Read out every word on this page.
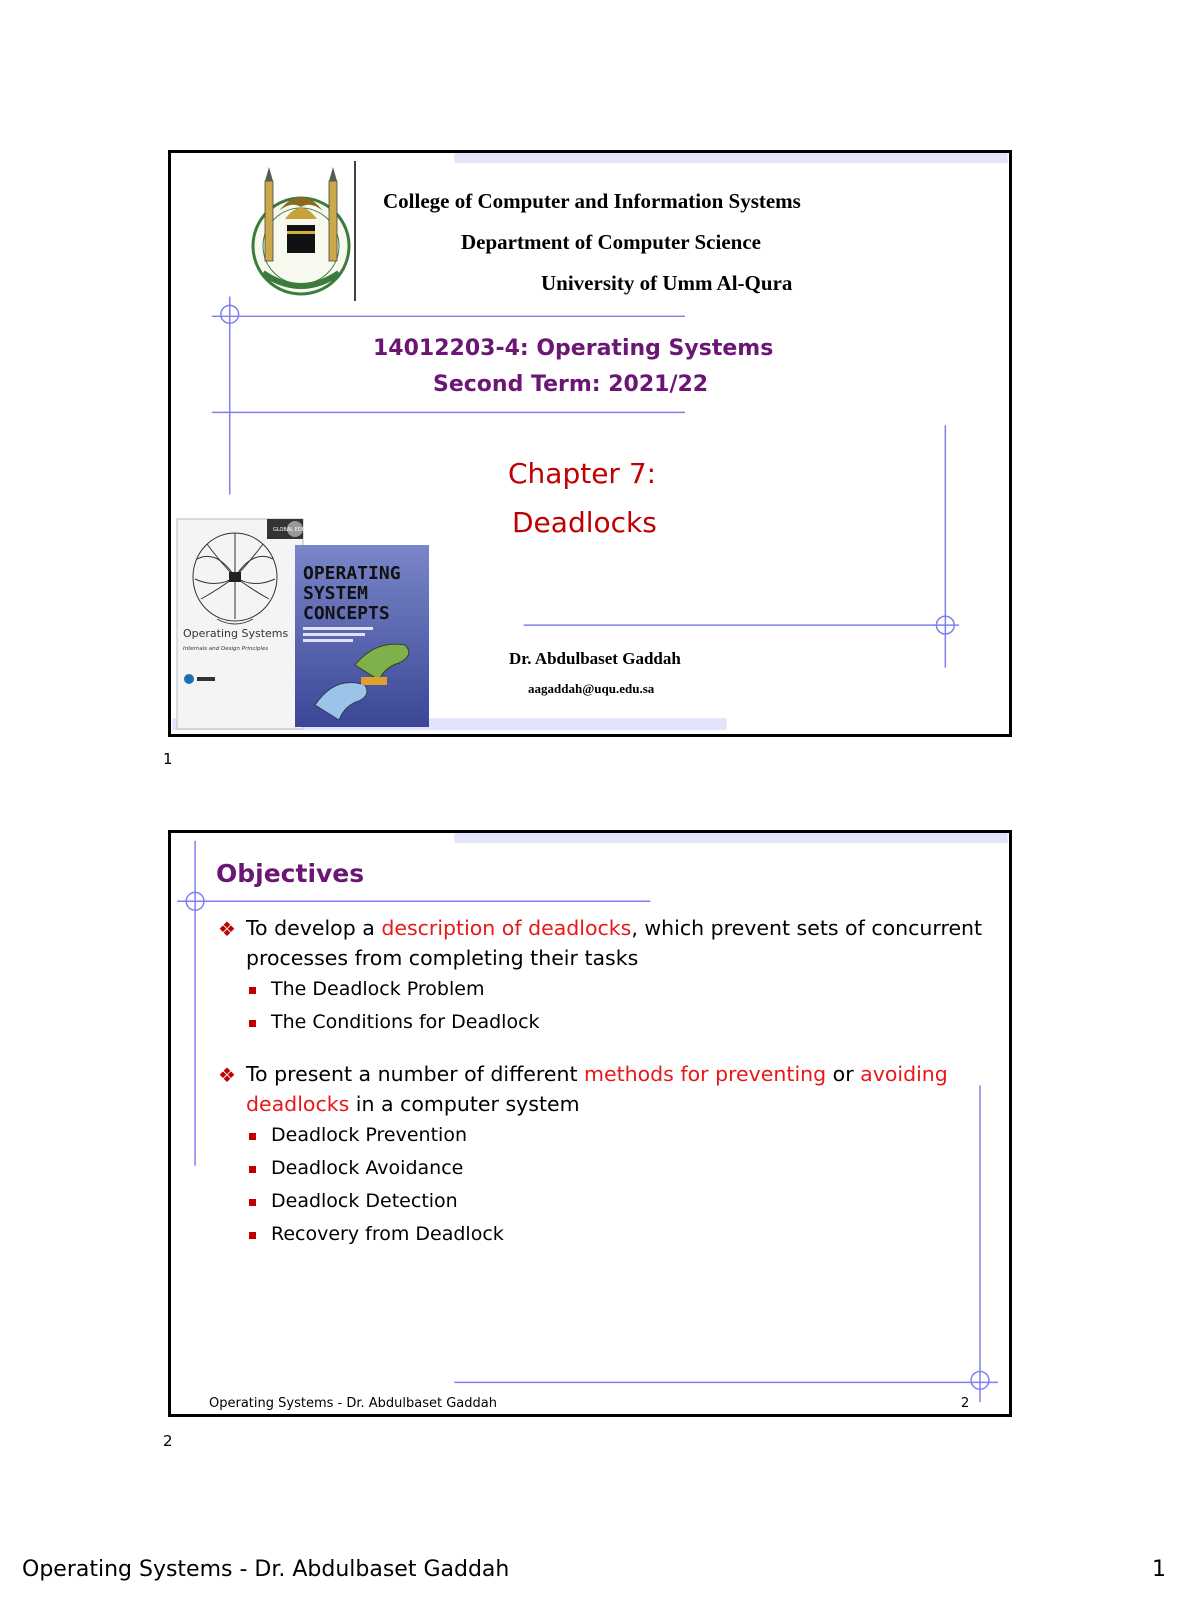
College of Computer and Information Systems
Department of Computer Science
University of Umm Al-Qura
14012203-4: Operating Systems
Second Term: 2021/22
Chapter 7:
Deadlocks
Dr. Abdulbaset Gaddah
aagaddah@uqu.edu.sa
GLOBAL EDITION
Operating Systems
Internals and Design Principles
OPERATING
SYSTEM
CONCEPTS
1
Objectives
❖ To develop a description of deadlocks, which prevent sets of concurrent processes from completing their tasks
The Deadlock Problem
The Conditions for Deadlock
❖ To present a number of different methods for preventing or avoiding deadlocks in a computer system
Deadlock Prevention
Deadlock Avoidance
Deadlock Detection
Recovery from Deadlock
Operating Systems - Dr. Abdulbaset Gaddah	2
2
Operating Systems - Dr. Abdulbaset Gaddah	1
